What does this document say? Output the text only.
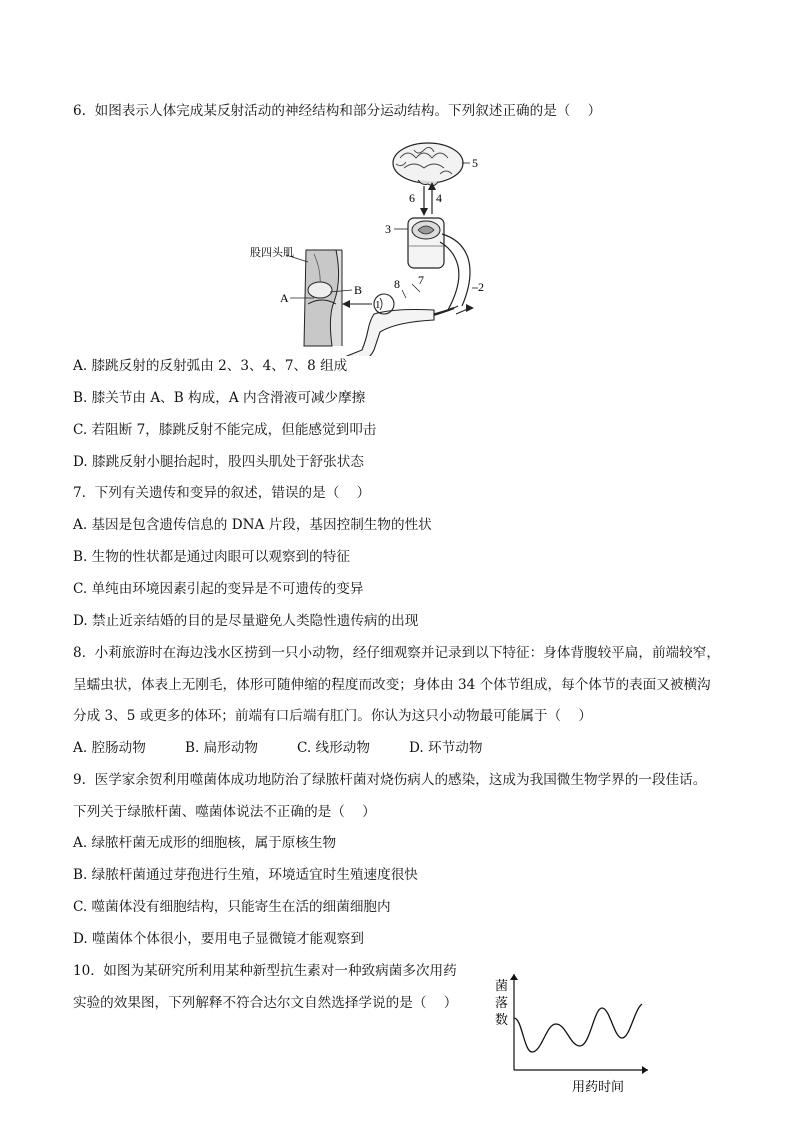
6.  如图表示人体完成某反射活动的神经结构和部分运动结构。下列叙述正确的是（    ）
5
6 4
3
2
7
8
1
股四头肌
A
B
A. 膝跳反射的反射弧由 2、3、4、7、8 组成
B. 膝关节由 A、B 构成，A 内含滑液可减少摩擦
C. 若阻断 7，膝跳反射不能完成，但能感觉到叩击
D. 膝跳反射小腿抬起时，股四头肌处于舒张状态
7.  下列有关遗传和变异的叙述，错误的是（    ）
A. 基因是包含遗传信息的 DNA 片段，基因控制生物的性状
B. 生物的性状都是通过肉眼可以观察到的特征
C. 单纯由环境因素引起的变异是不可遗传的变异
D. 禁止近亲结婚的目的是尽量避免人类隐性遗传病的出现
8.  小莉旅游时在海边浅水区捞到一只小动物，经仔细观察并记录到以下特征：身体背腹较平扁，前端较窄，
呈蠕虫状，体表上无刚毛，体形可随伸缩的程度而改变；身体由 34 个体节组成，每个体节的表面又被横沟
分成 3、5 或更多的体环；前端有口后端有肛门。你认为这只小动物最可能属于（    ）
A. 腔肠动物	B. 扁形动物	C. 线形动物	D. 环节动物
9.  医学家余贺利用噬菌体成功地防治了绿脓杆菌对烧伤病人的感染，这成为我国微生物学界的一段佳话。
下列关于绿脓杆菌、噬菌体说法不正确的是（    ）
A. 绿脓杆菌无成形的细胞核，属于原核生物
B. 绿脓杆菌通过芽孢进行生殖，环境适宜时生殖速度很快
C. 噬菌体没有细胞结构，只能寄生在活的细菌细胞内
D. 噬菌体个体很小，要用电子显微镜才能观察到
10.  如图为某研究所利用某种新型抗生素对一种致病菌多次用药
实验的效果图，下列解释不符合达尔文自然选择学说的是（    ）
菌
落
数
用药时间
